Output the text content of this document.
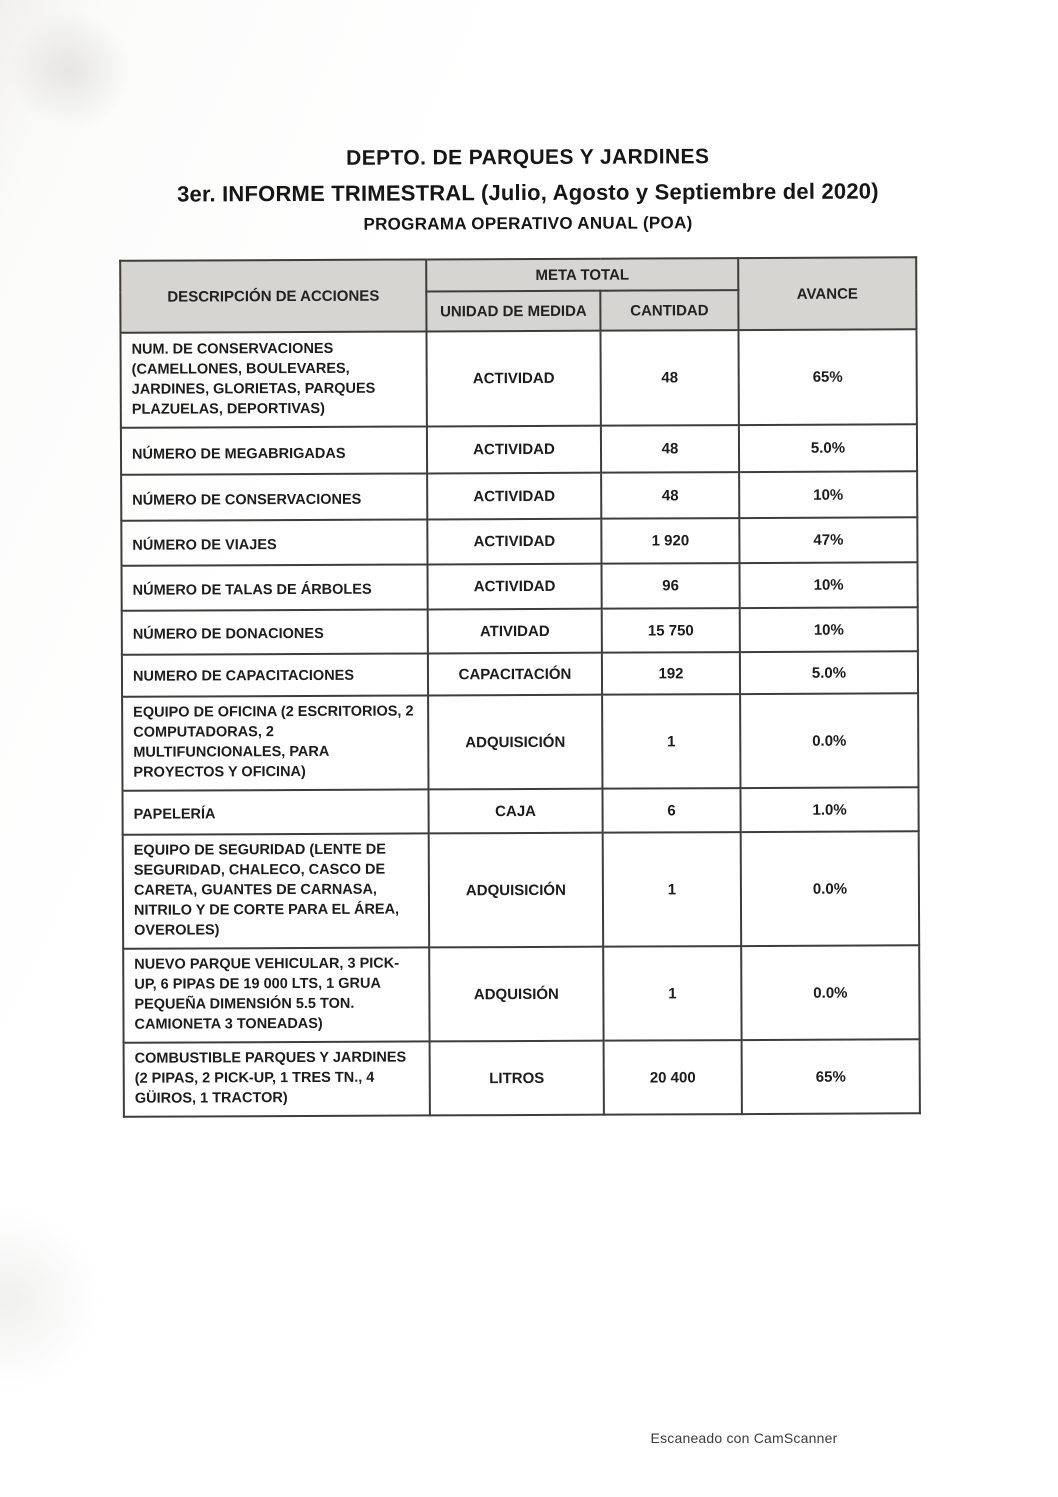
DEPTO. DE PARQUES Y JARDINES
3er. INFORME TRIMESTRAL (Julio, Agosto y Septiembre del 2020)
PROGRAMA OPERATIVO ANUAL (POA)
DESCRIPCIÓN DE ACCIONES	META TOTAL		AVANCE
	UNIDAD DE MEDIDA	CANTIDAD	
NUM. DE CONSERVACIONES (CAMELLONES, BOULEVARES, JARDINES, GLORIETAS, PARQUES PLAZUELAS, DEPORTIVAS)	ACTIVIDAD	48	65%
NÚMERO DE MEGABRIGADAS	ACTIVIDAD	48	5.0%
NÚMERO DE CONSERVACIONES	ACTIVIDAD	48	10%
NÚMERO DE VIAJES	ACTIVIDAD	1 920	47%
NÚMERO DE TALAS DE ÁRBOLES	ACTIVIDAD	96	10%
NÚMERO DE DONACIONES	ATIVIDAD	15 750	10%
NUMERO DE CAPACITACIONES	CAPACITACIÓN	192	5.0%
EQUIPO DE OFICINA (2 ESCRITORIOS, 2 COMPUTADORAS, 2 MULTIFUNCIONALES, PARA PROYECTOS Y OFICINA)	ADQUISICIÓN	1	0.0%
PAPELERÍA	CAJA	6	1.0%
EQUIPO DE SEGURIDAD (LENTE DE SEGURIDAD, CHALECO, CASCO DE CARETA, GUANTES DE CARNASA, NITRILO Y DE CORTE PARA EL ÁREA, OVEROLES)	ADQUISICIÓN	1	0.0%
NUEVO PARQUE VEHICULAR, 3 PICK-UP, 6 PIPAS DE 19 000 LTS, 1 GRUA PEQUEÑA DIMENSIÓN 5.5 TON. CAMIONETA 3 TONEADAS)	ADQUISIÓN	1	0.0%
COMBUSTIBLE PARQUES Y JARDINES (2 PIPAS, 2 PICK-UP, 1 TRES TN., 4 GÜIROS, 1 TRACTOR)	LITROS	20 400	65%
Escaneado con CamScanner
